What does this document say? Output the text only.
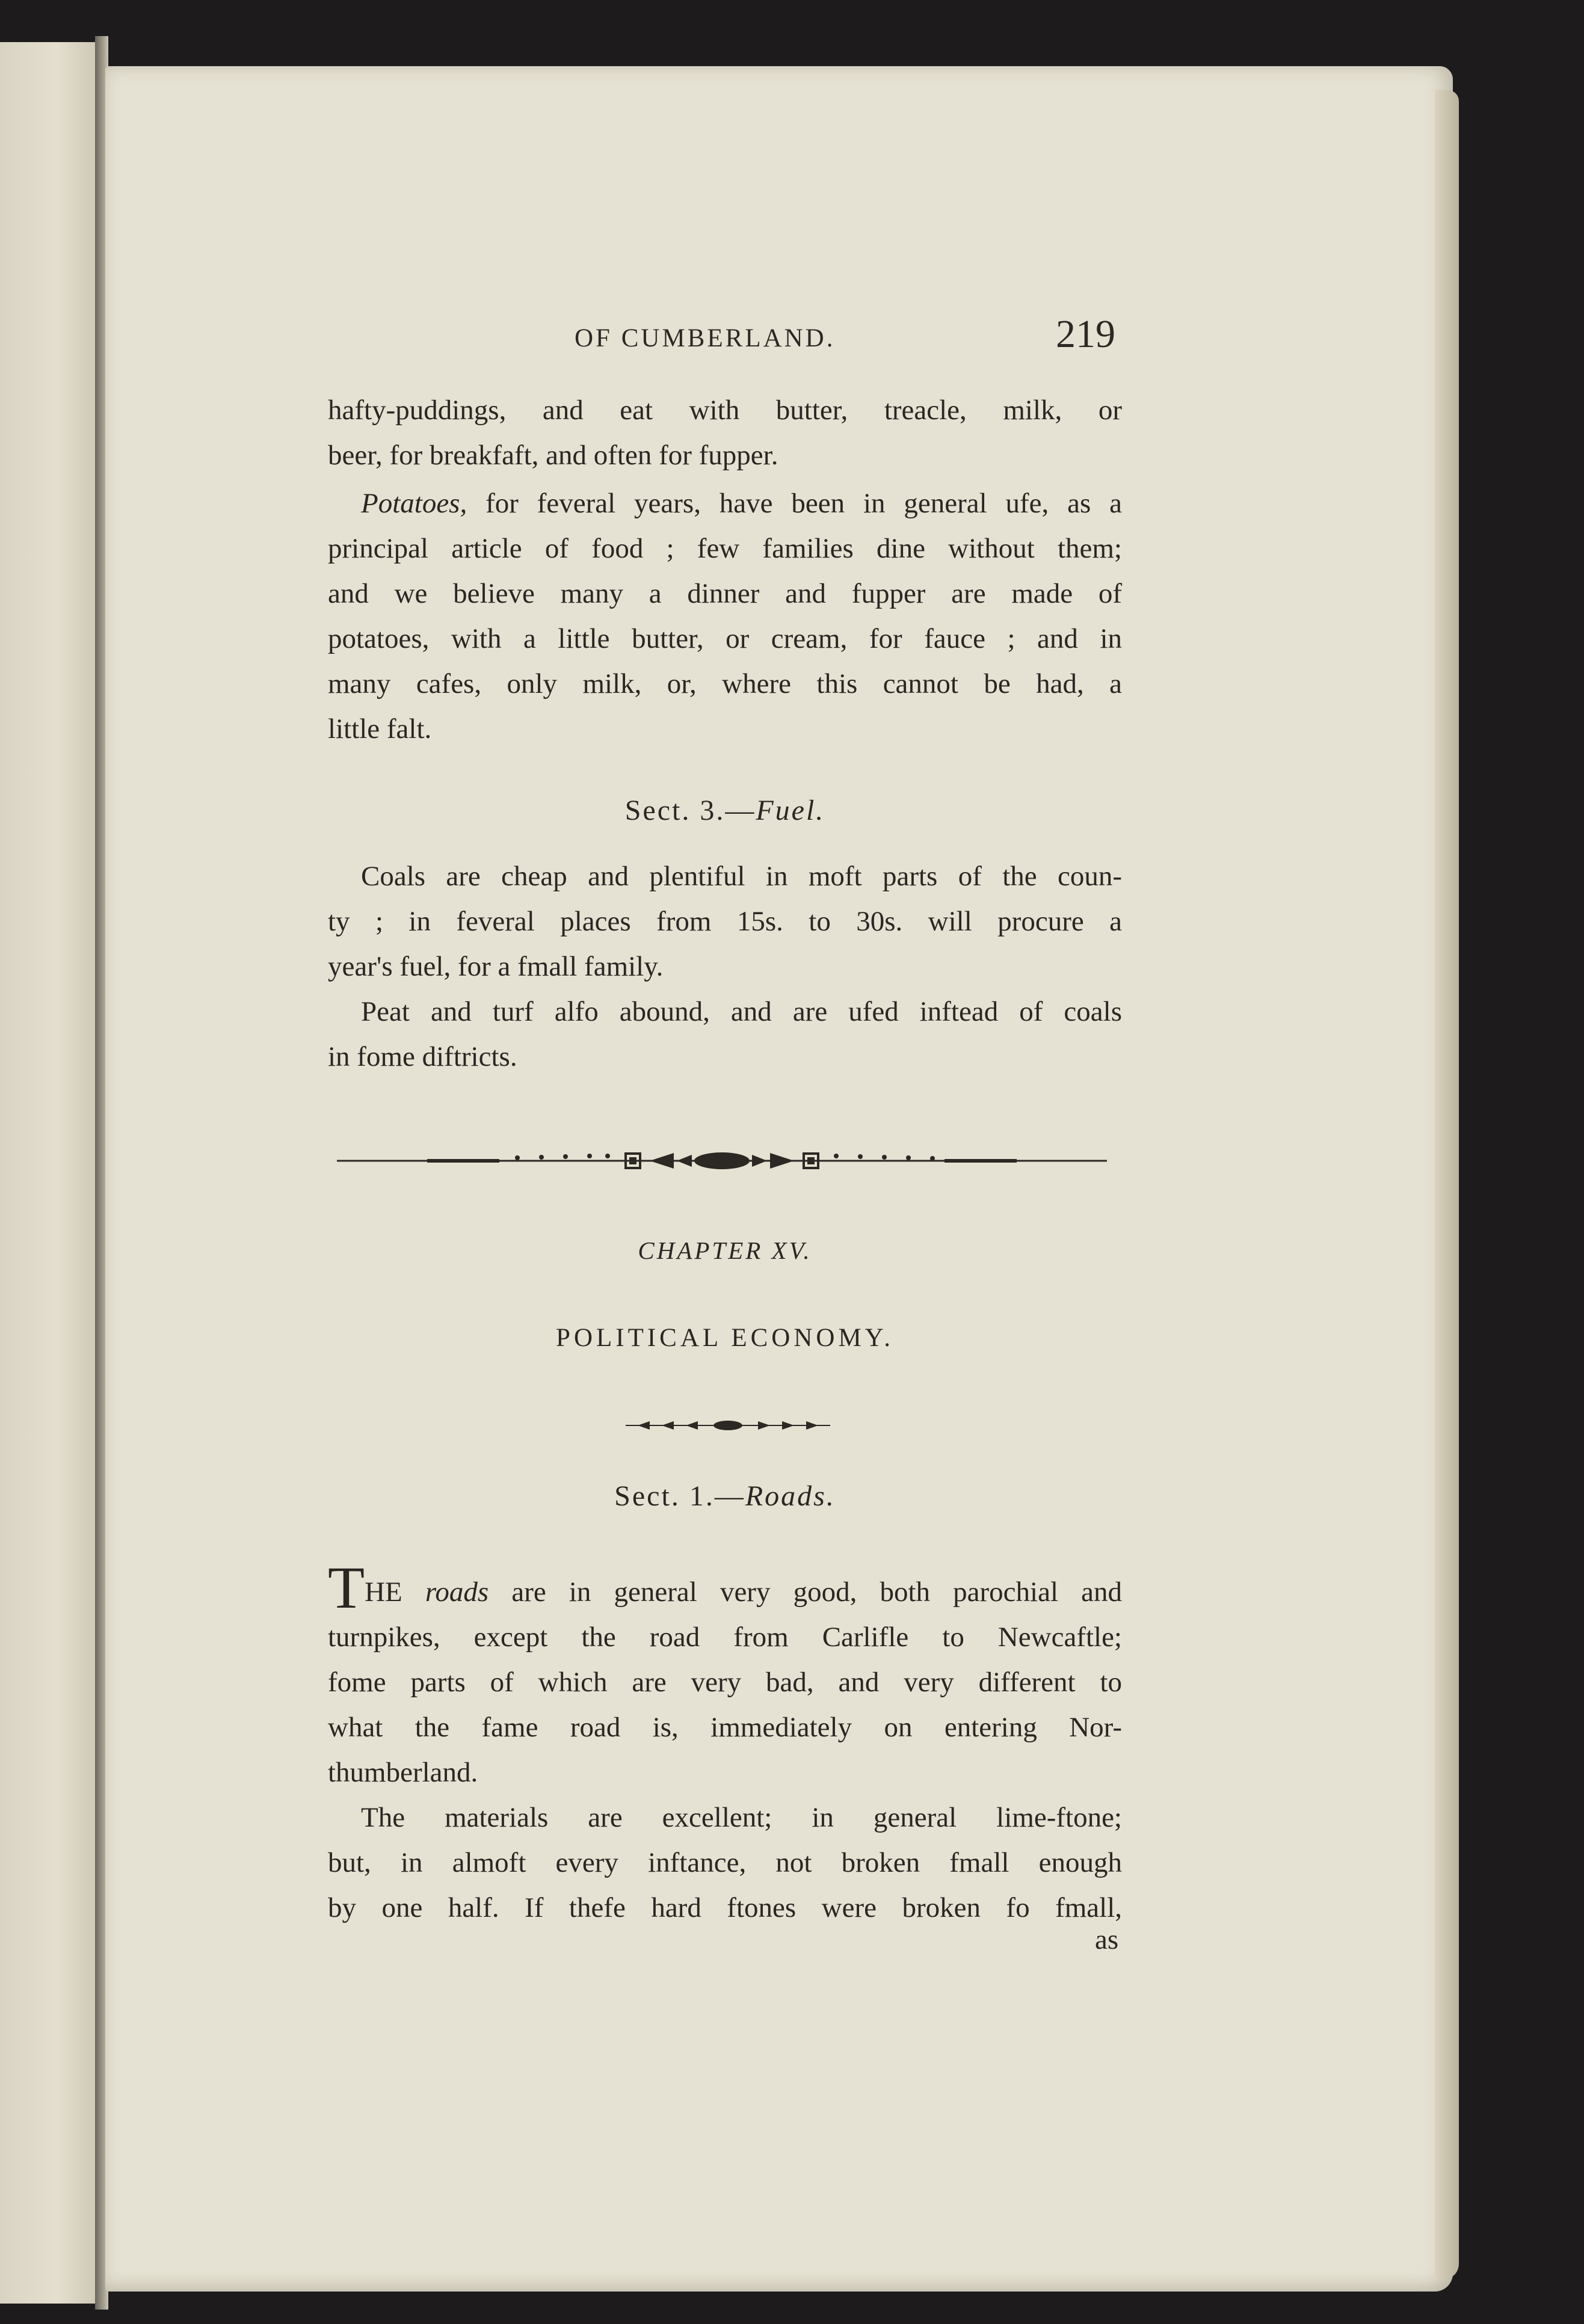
OF CUMBERLAND.	219
hafty-puddings, and eat with butter, treacle, milk, or
beer, for breakfaft, and often for fupper.
Potatoes, for feveral years, have been in general ufe, as a
principal article of food ; few families dine without them;
and we believe many a dinner and fupper are made of
potatoes, with a little butter, or cream, for fauce ; and in
many cafes, only milk, or, where this cannot be had, a
little falt.
Sect. 3.—Fuel.
Coals are cheap and plentiful in moft parts of the coun-
ty ; in feveral places from 15s. to 30s. will procure a
year's fuel, for a fmall family.
Peat and turf alfo abound, and are ufed inftead of coals
in fome diftricts.
CHAPTER XV.
POLITICAL ECONOMY.
Sect. 1.—Roads.
THE roads are in general very good, both parochial and
turnpikes, except the road from Carlifle to Newcaftle;
fome parts of which are very bad, and very different to
what the fame road is, immediately on entering Nor-
thumberland.
The materials are excellent; in general lime-ftone;
but, in almoft every inftance, not broken fmall enough
by one half. If thefe hard ftones were broken fo fmall,
as
